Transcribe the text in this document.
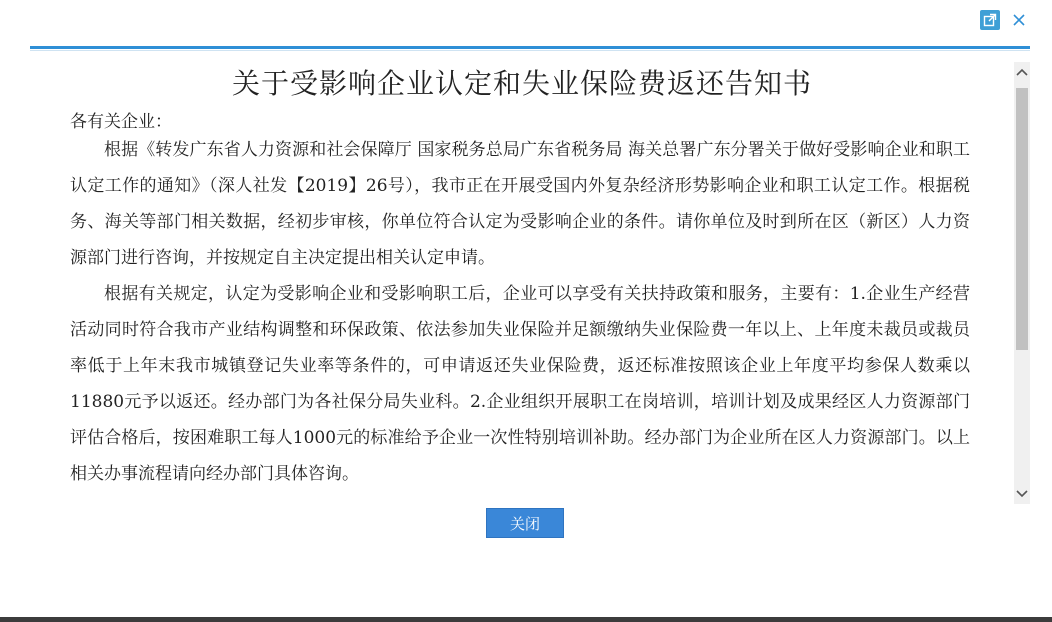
关于受影响企业认定和失业保险费返还告知书
各有关企业：

根据《转发广东省人力资源和社会保障厅 国家税务总局广东省税务局 海关总署广东分署关于做好受影响企业和职工认定工作的通知》（深人社发【2019】26号），我市正在开展受国内外复杂经济形势影响企业和职工认定工作。根据税务、海关等部门相关数据，经初步审核，你单位符合认定为受影响企业的条件。请你单位及时到所在区（新区）人力资源部门进行咨询，并按规定自主决定提出相关认定申请。

根据有关规定，认定为受影响企业和受影响职工后，企业可以享受有关扶持政策和服务，主要有：1.企业生产经营活动同时符合我市产业结构调整和环保政策、依法参加失业保险并足额缴纳失业保险费一年以上、上年度未裁员或裁员率低于上年末我市城镇登记失业率等条件的，可申请返还失业保险费，返还标准按照该企业上年度平均参保人数乘以11880元予以返还。经办部门为各社保分局失业科。2.企业组织开展职工在岗培训，培训计划及成果经区人力资源部门评估合格后，按困难职工每人1000元的标准给予企业一次性特别培训补助。经办部门为企业所在区人力资源部门。以上相关办事流程请向经办部门具体咨询。

关闭
